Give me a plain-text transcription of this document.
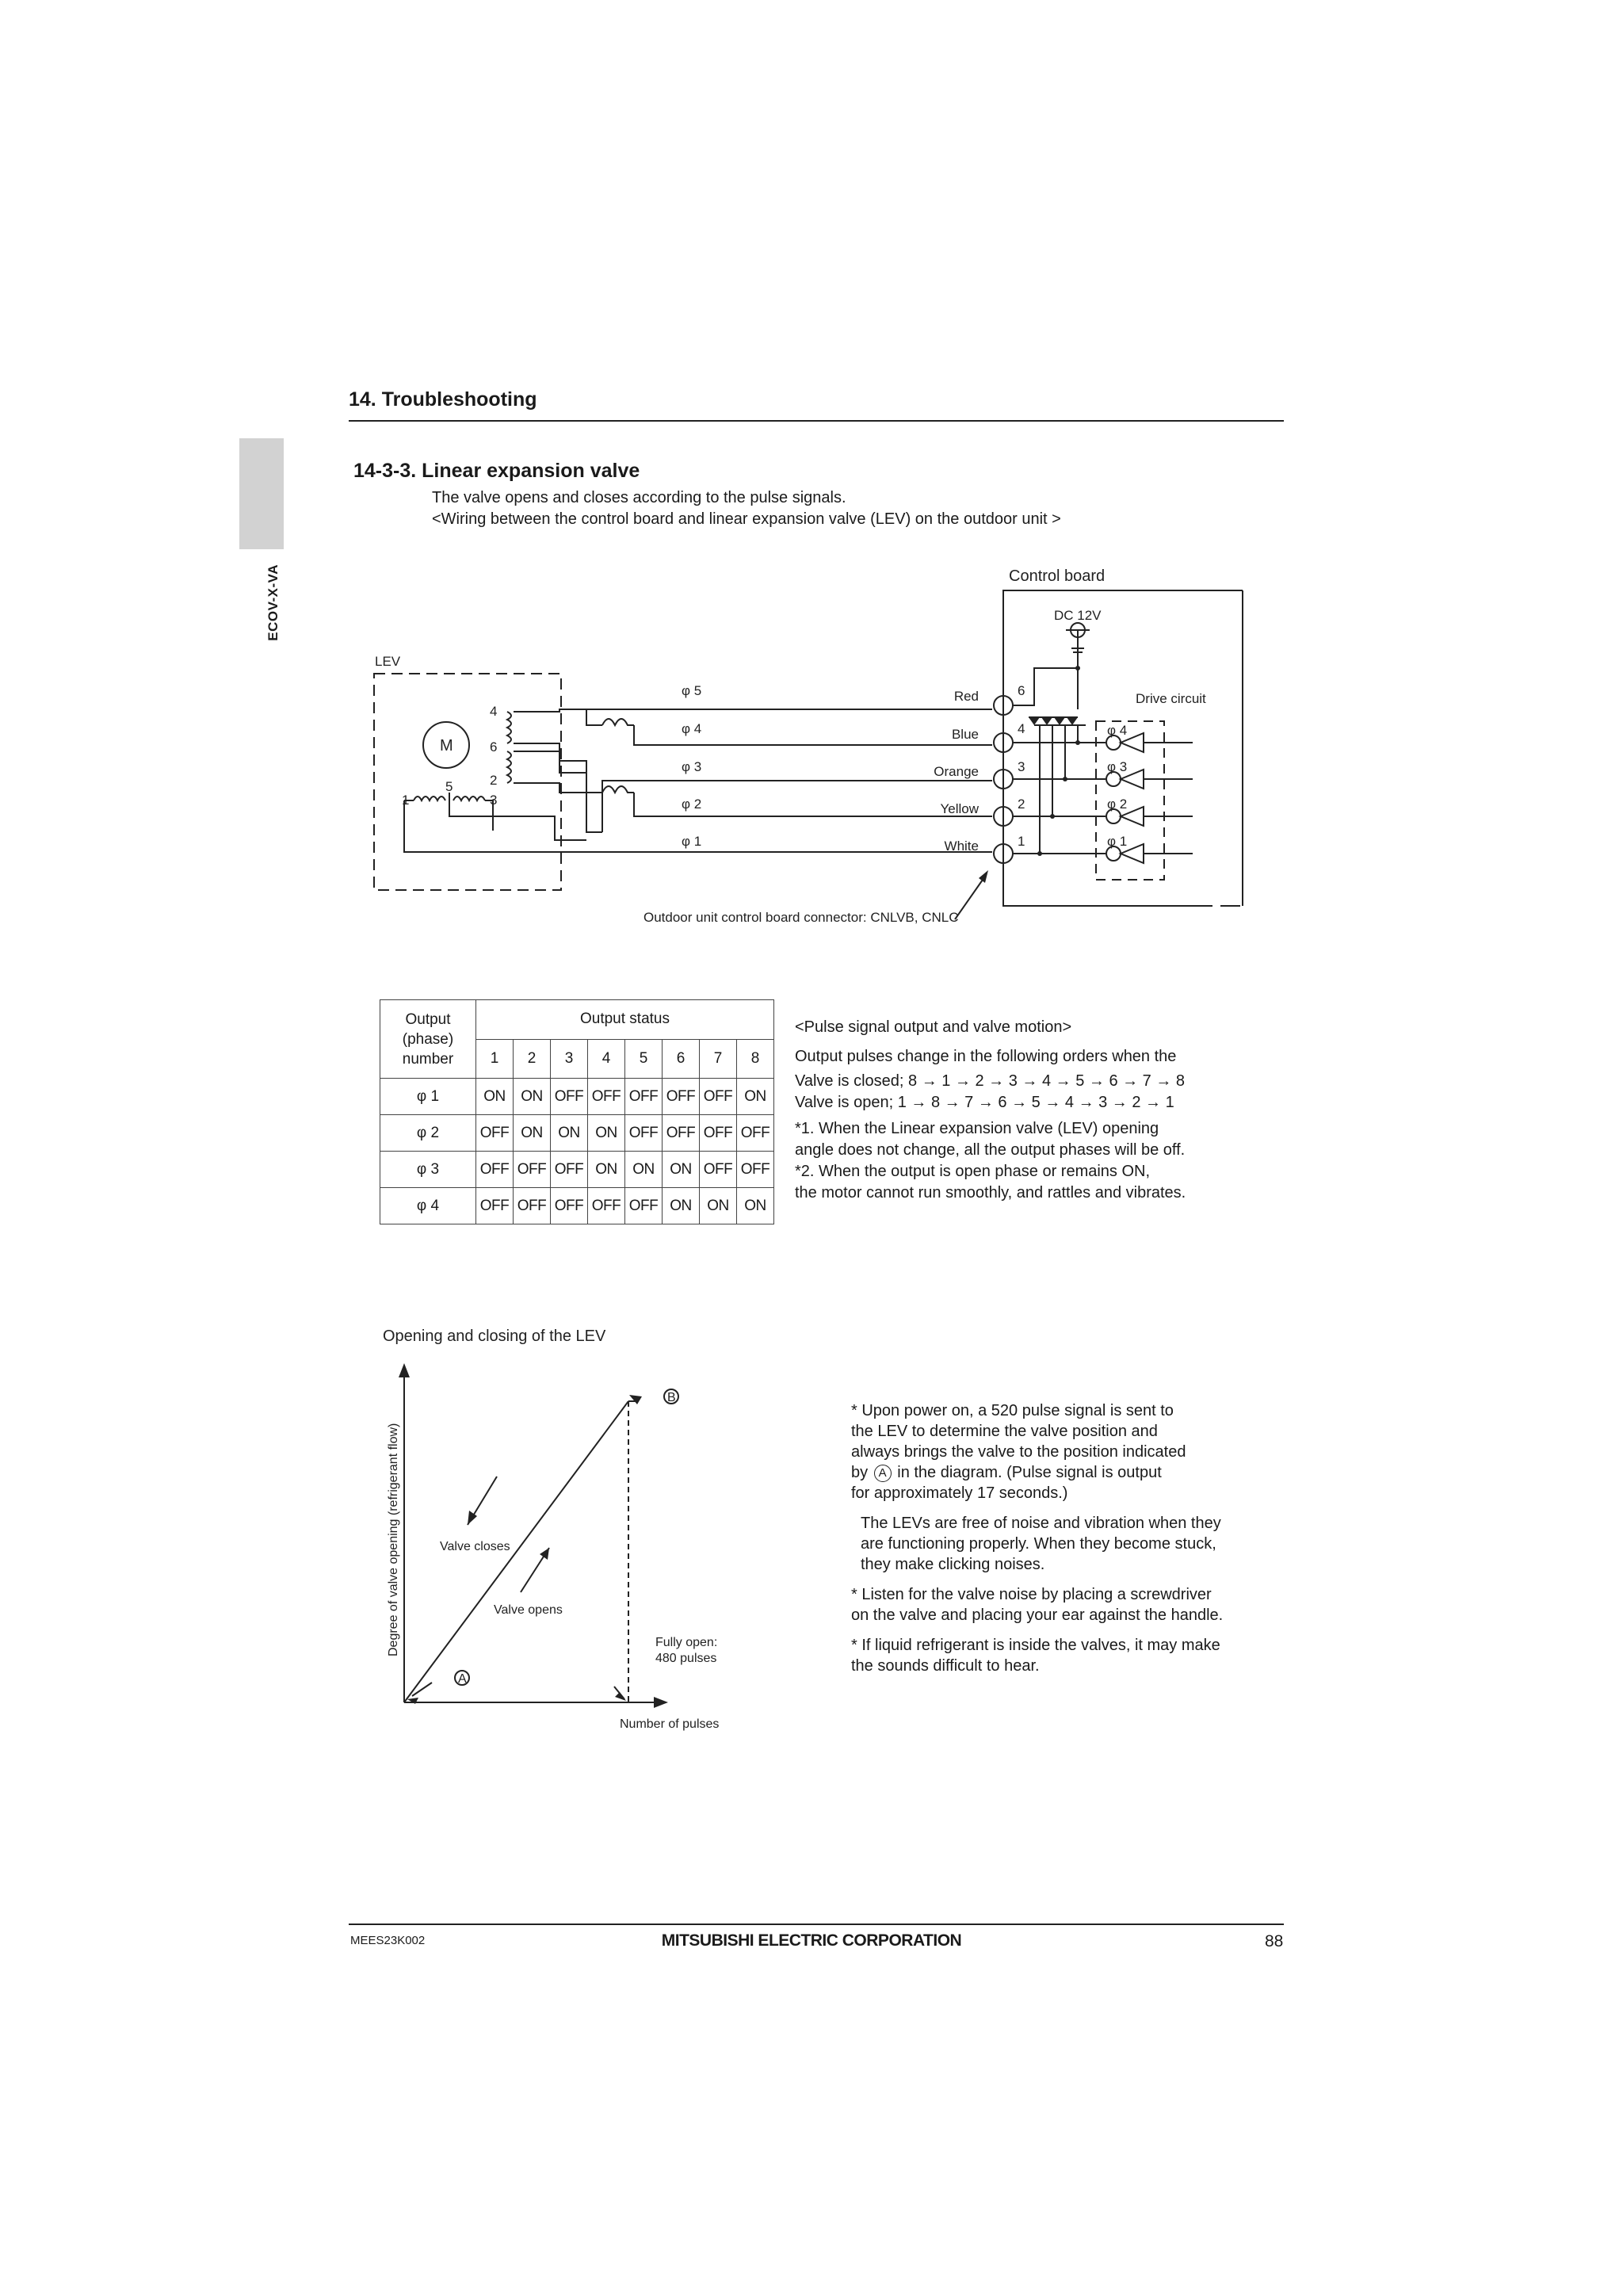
ECOV-X-VA
14. Troubleshooting
14-3-3. Linear expansion valve
The valve opens and closes according to the pulse signals.
<Wiring between the control board and linear expansion valve (LEV) on the outdoor unit >
Control board
DC 12V
LEV
Drive circuit
M
4
6
2
5
1	3
φ 5
φ 4
φ 3
φ 2
φ 1
Red
Blue
Orange
Yellow
White
6
4
3
2
1
φ 4
φ 3
φ 2
φ 1
Outdoor unit control board connector: CNLVB, CNLC
Output
(phase)
number	Output status							
	1	2	3	4	5	6	7	8
φ 1	ON	ON	OFF	OFF	OFF	OFF	OFF	ON
φ 2	OFF	ON	ON	ON	OFF	OFF	OFF	OFF
φ 3	OFF	OFF	OFF	ON	ON	ON	OFF	OFF
φ 4	OFF	OFF	OFF	OFF	OFF	ON	ON	ON
<Pulse signal output and valve motion>
Output pulses change in the following orders when the
Valve is closed; 8 → 1 → 2 → 3 → 4 → 5 → 6 → 7 → 8
Valve is open; 1 → 8 → 7 → 6 → 5 → 4 → 3 → 2 → 1
*1. When the Linear expansion valve (LEV) opening
angle does not change, all the output phases will be off.
*2. When the output is open phase or remains ON,
the motor cannot run smoothly, and rattles and vibrates.
Opening and closing of the LEV
B
A
Valve closes
Valve opens
Fully open:
480 pulses
Number of pulses
Degree of valve opening (refrigerant flow)
* Upon power on, a 520 pulse signal is sent to
the LEV to determine the valve position and
always brings the valve to the position indicated
by A in the diagram. (Pulse signal is output
for approximately 17 seconds.)
The LEVs are free of noise and vibration when they
are functioning properly. When they become stuck,
they make clicking noises.
* Listen for the valve noise by placing a screwdriver
on the valve and placing your ear against the handle.
* If liquid refrigerant is inside the valves, it may make
the sounds difficult to hear.
MEES23K002	MITSUBISHI ELECTRIC CORPORATION	88
